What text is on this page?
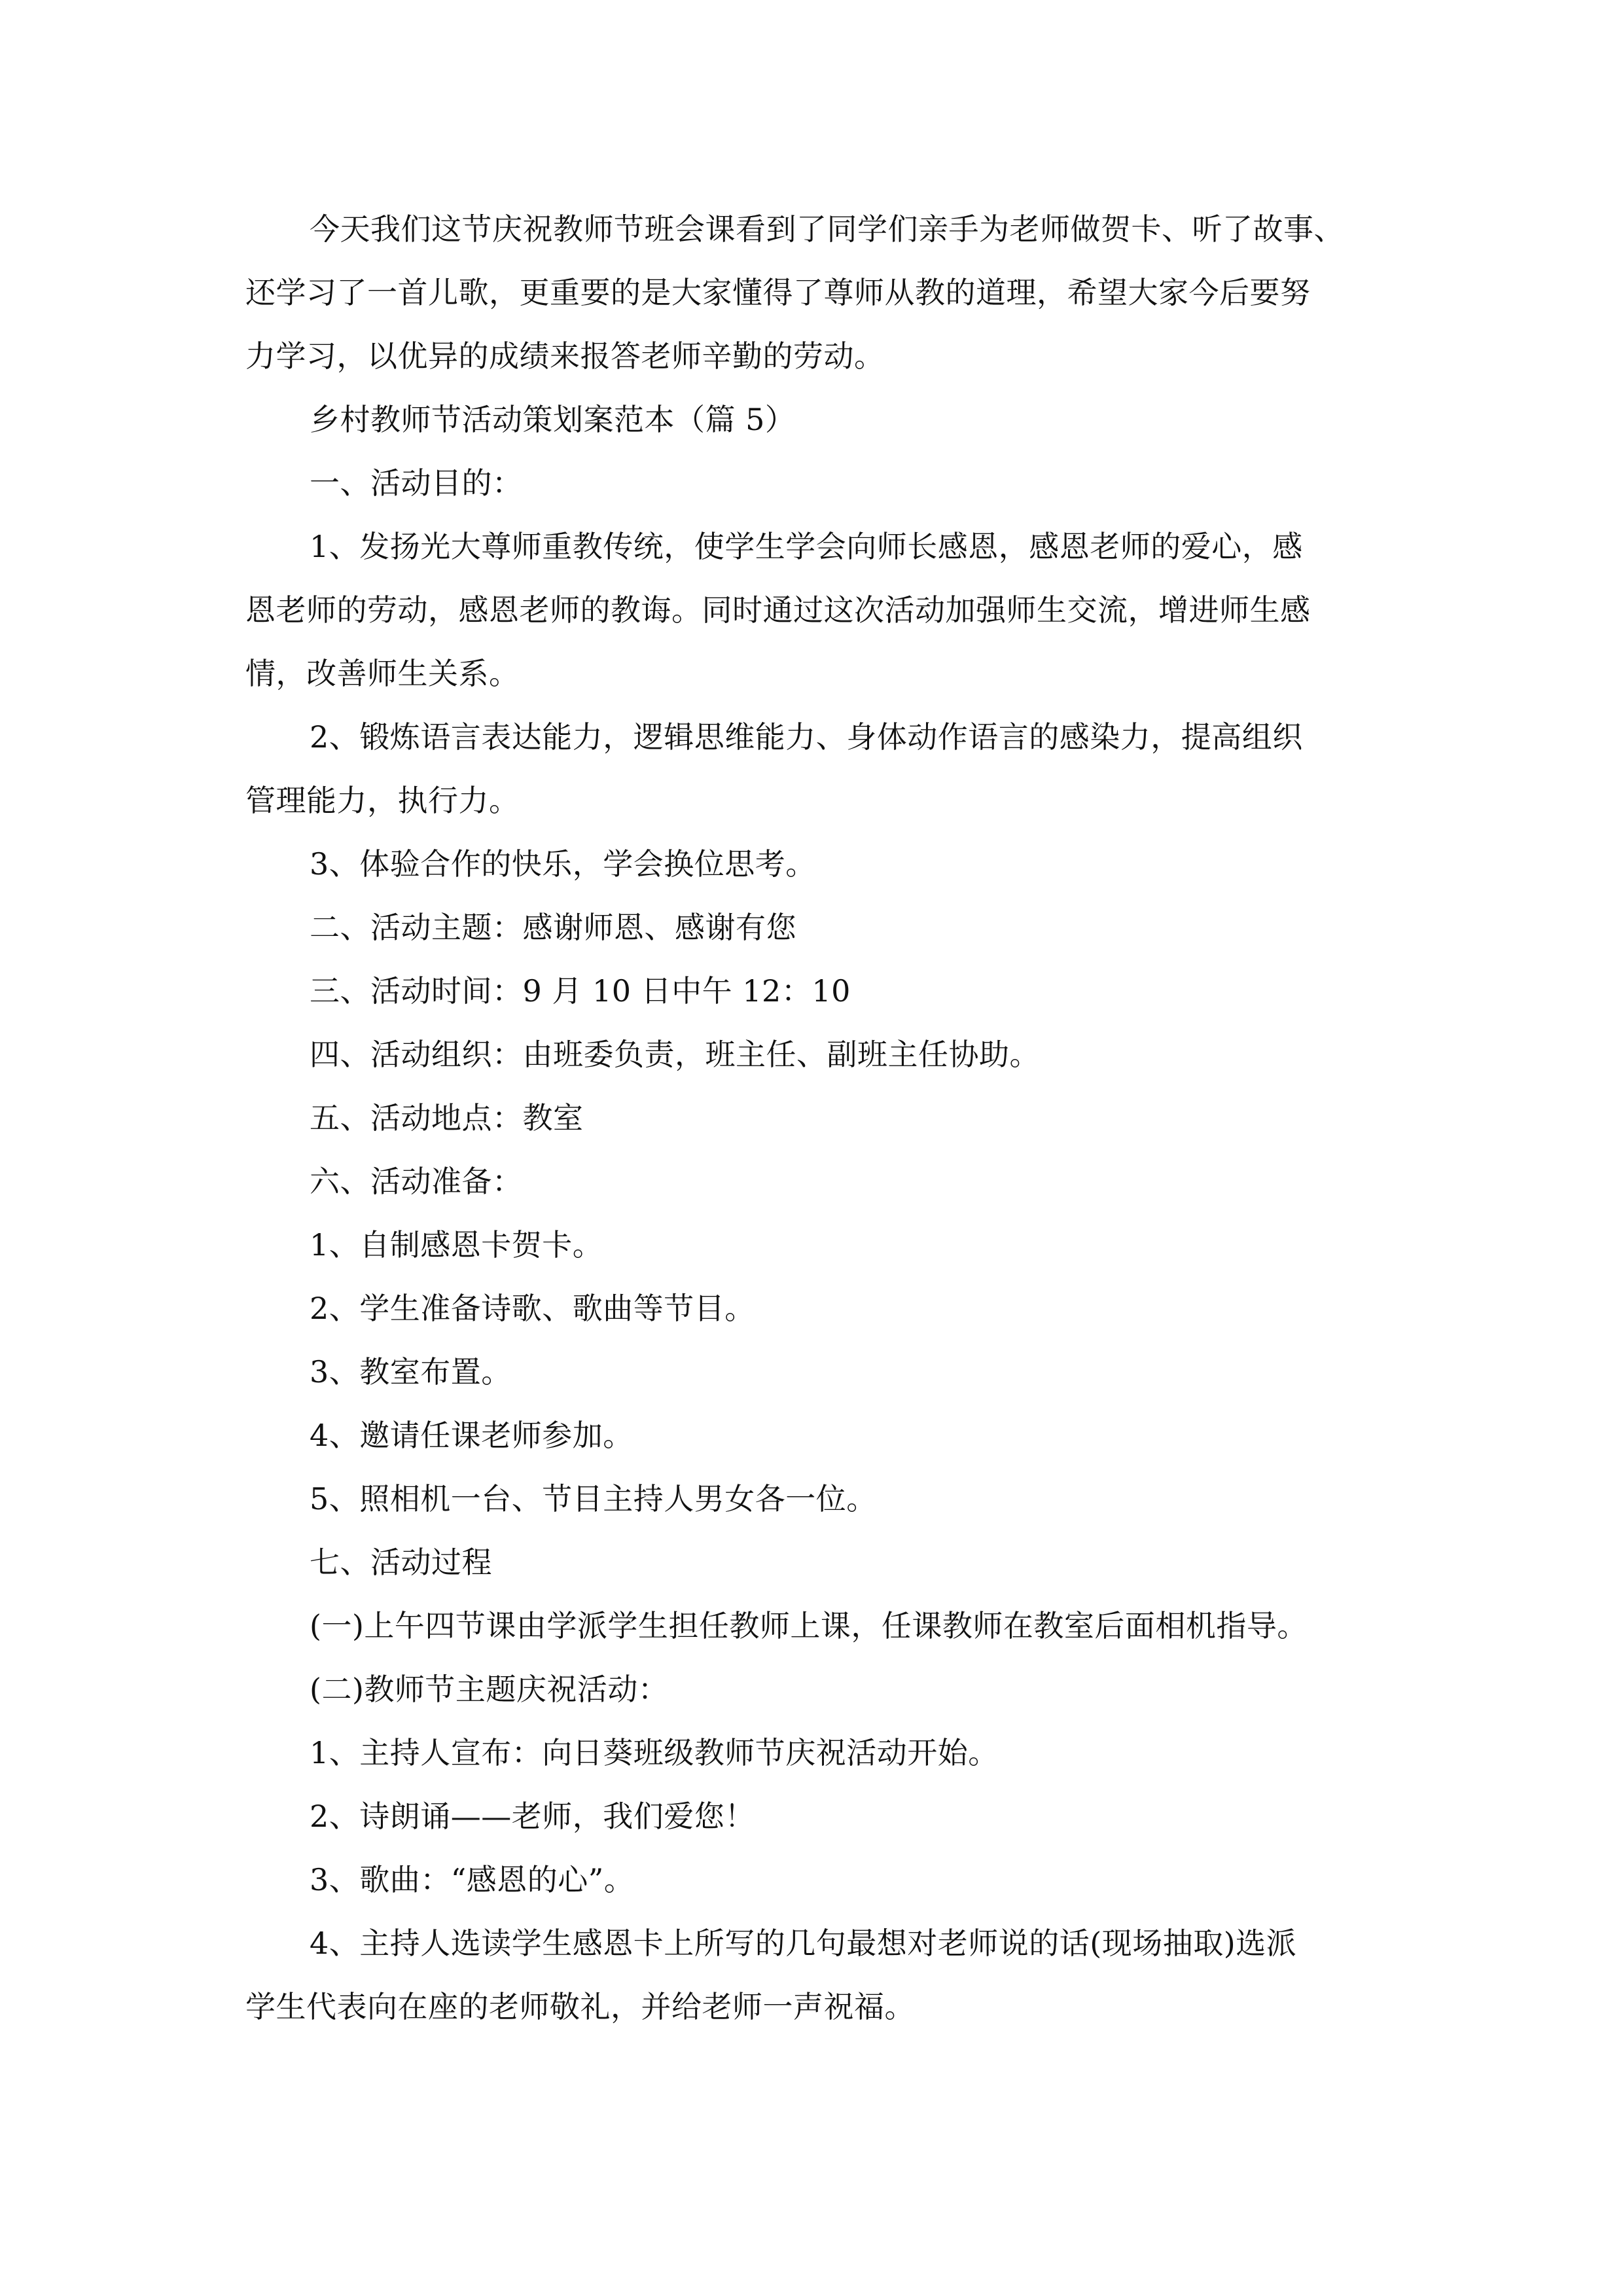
今天我们这节庆祝教师节班会课看到了同学们亲手为老师做贺卡、听了故事、
还学习了一首儿歌，更重要的是大家懂得了尊师从教的道理，希望大家今后要努
力学习，以优异的成绩来报答老师辛勤的劳动。

乡村教师节活动策划案范本（篇 5）

一、活动目的：

1、发扬光大尊师重教传统，使学生学会向师长感恩，感恩老师的爱心，感
恩老师的劳动，感恩老师的教诲。同时通过这次活动加强师生交流，增进师生感
情，改善师生关系。

2、锻炼语言表达能力，逻辑思维能力、身体动作语言的感染力，提高组织
管理能力，执行力。

3、体验合作的快乐，学会换位思考。

二、活动主题：感谢师恩、感谢有您

三、活动时间：9 月 10 日中午 12：10

四、活动组织：由班委负责，班主任、副班主任协助。

五、活动地点：教室

六、活动准备：

1、自制感恩卡贺卡。

2、学生准备诗歌、歌曲等节目。

3、教室布置。

4、邀请任课老师参加。

5、照相机一台、节目主持人男女各一位。

七、活动过程

(一)上午四节课由学派学生担任教师上课，任课教师在教室后面相机指导。

(二)教师节主题庆祝活动：

1、主持人宣布：向日葵班级教师节庆祝活动开始。

2、诗朗诵——老师，我们爱您！

3、歌曲：“感恩的心”。

4、主持人选读学生感恩卡上所写的几句最想对老师说的话(现场抽取)选派
学生代表向在座的老师敬礼，并给老师一声祝福。
